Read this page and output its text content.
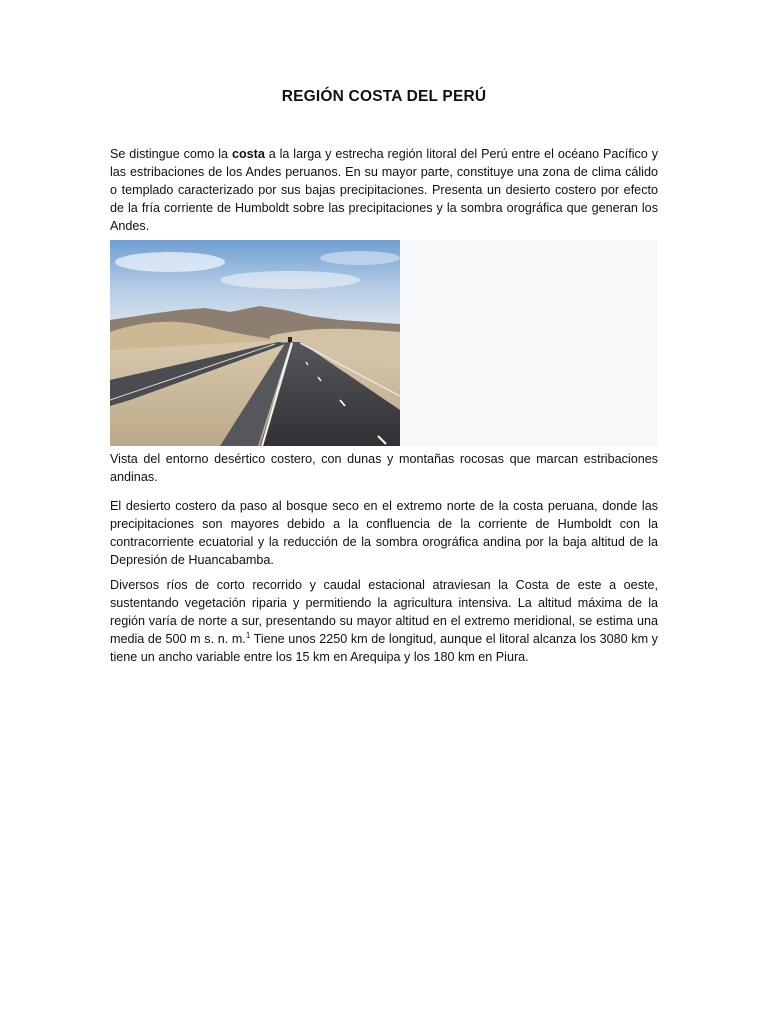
REGIÓN COSTA DEL PERÚ

Se distingue como la costa a la larga y estrecha región litoral del Perú entre el océano Pacífico y las estribaciones de los Andes peruanos. En su mayor parte, constituye una zona de clima cálido o templado caracterizado por sus bajas precipitaciones. Presenta un desierto costero por efecto de la fría corriente de Humboldt sobre las precipitaciones y la sombra orográfica que generan los Andes.

Vista del entorno desértico costero, con dunas y montañas rocosas que marcan estribaciones andinas.

El desierto costero da paso al bosque seco en el extremo norte de la costa peruana, donde las precipitaciones son mayores debido a la confluencia de la corriente de Humboldt con la contracorriente ecuatorial y la reducción de la sombra orográfica andina por la baja altitud de la Depresión de Huancabamba.

Diversos ríos de corto recorrido y caudal estacional atraviesan la Costa de este a oeste, sustentando vegetación riparia y permitiendo la agricultura intensiva. La altitud máxima de la región varía de norte a sur, presentando su mayor altitud en el extremo meridional, se estima una media de 500 m s. n. m.$^1$ Tiene unos 2250 km de longitud, aunque el litoral alcanza los 3080 km y tiene un ancho variable entre los 15 km en Arequipa y los 180 km en Piura.
